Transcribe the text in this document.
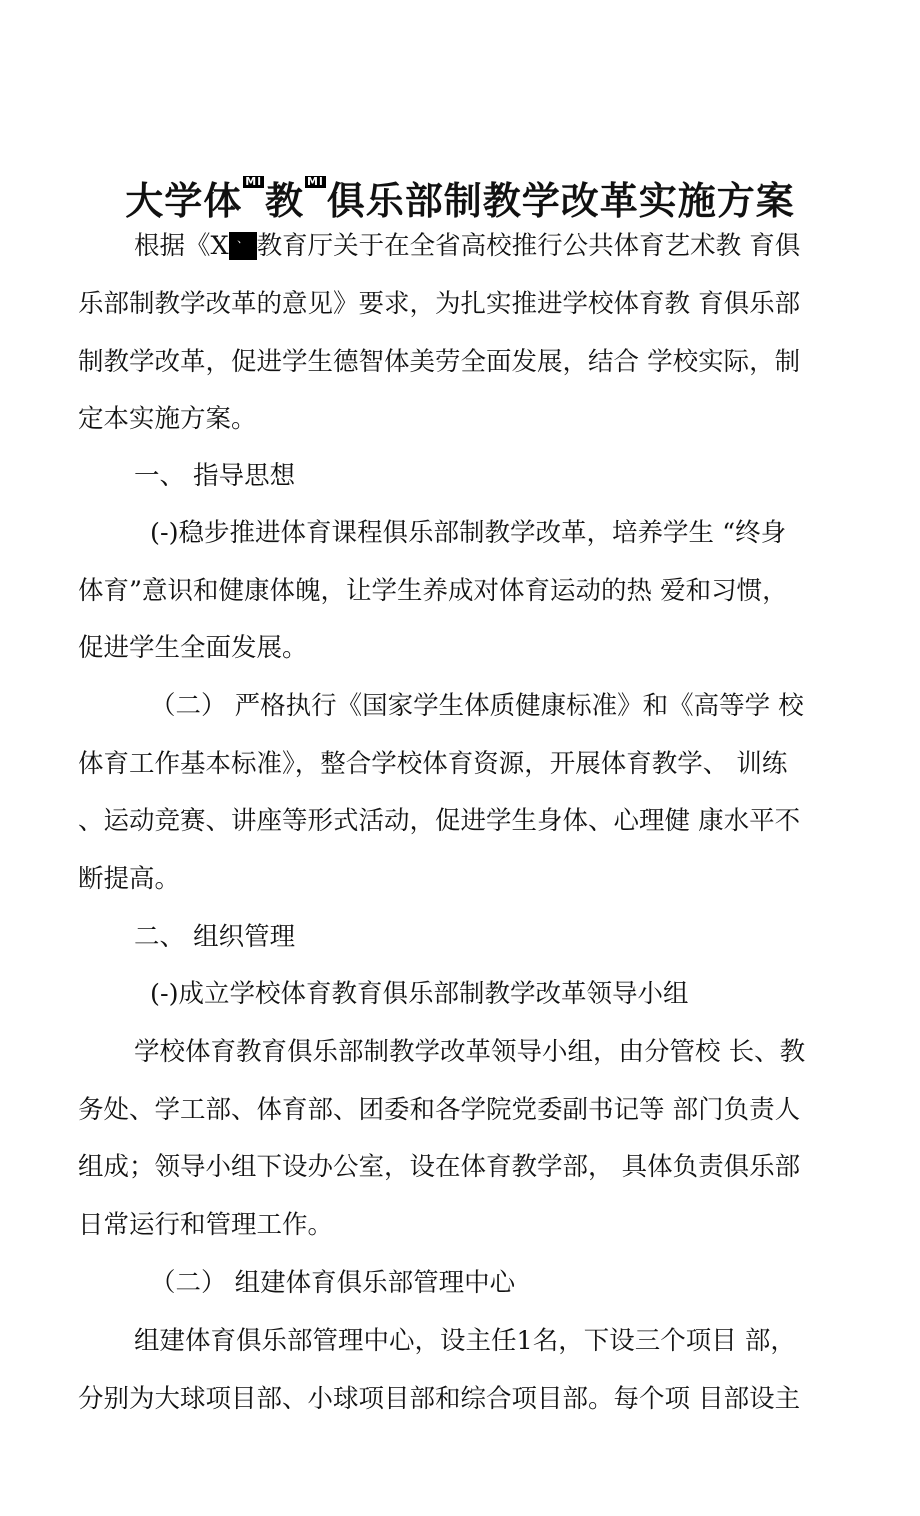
大学体 Ml教 Ml俱乐部制教学改革实施方案
根据《X 、 教育厅关于在全省高校推行公共体育艺术教 育俱
乐部制教学改革的意见》要求，为扎实推进学校体育教 育俱乐部
制教学改革，促进学生德智体美劳全面发展，结合 学校实际，制
定本实施方案。
一、 指导思想
(-)稳步推进体育课程俱乐部制教学改革，培养学生 “终身
体育”意识和健康体魄，让学生养成对体育运动的热 爱和习惯，
促进学生全面发展。
（二） 严格执行《国家学生体质健康标准》和《高等学 校
体育工作基本标准》，整合学校体育资源，开展体育教学、 训练
、运动竞赛、讲座等形式活动，促进学生身体、心理健 康水平不
断提高。
二、 组织管理
(-)成立学校体育教育俱乐部制教学改革领导小组
学校体育教育俱乐部制教学改革领导小组，由分管校 长、教
务处、学工部、体育部、团委和各学院党委副书记等 部门负责人
组成；领导小组下设办公室，设在体育教学部， 具体负责俱乐部
日常运行和管理工作。
（二） 组建体育俱乐部管理中心
组建体育俱乐部管理中心，设主任1名，下设三个项目 部，
分别为大球项目部、小球项目部和综合项目部。每个项 目部设主
